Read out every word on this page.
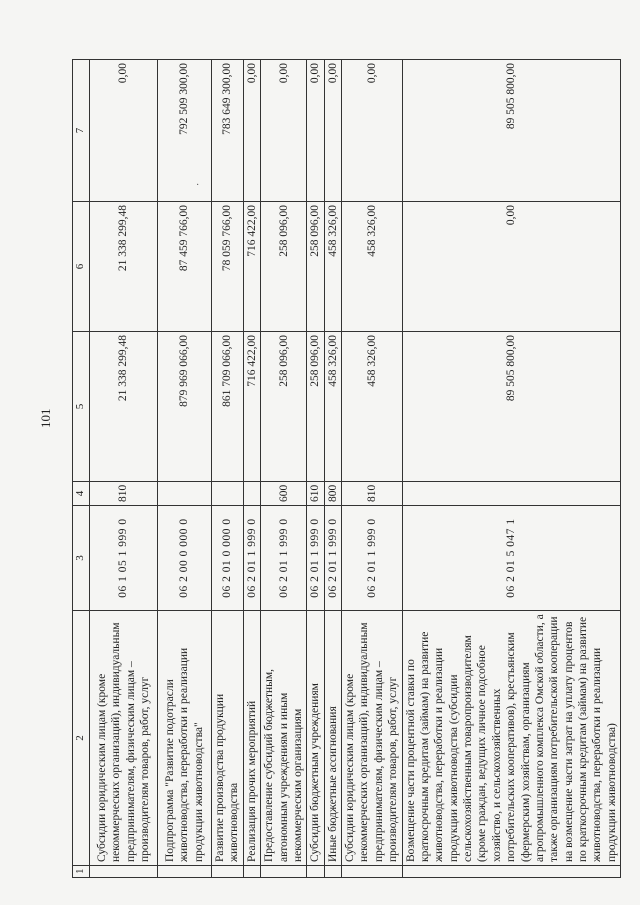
101
·
1	2	3	4	5	6	7
	Субсидии юридическим лицам (кроме некоммерческих организаций), индивидуальным предпринимателям, физическим лицам – производителям товаров, работ, услуг	06 1 05 1 999 0	810	21 338 299,48	21 338 299,48	0,00
	Подпрограмма "Развитие подотрасли животноводства, переработки и реализации продукции животноводства"	06 2 00 0 000 0		879 969 066,00	87 459 766,00	792 509 300,00
	Развитие производства продукции животноводства	06 2 01 0 000 0		861 709 066,00	78 059 766,00	783 649 300,00
	Реализация прочих мероприятий	06 2 01 1 999 0		716 422,00	716 422,00	0,00
	Предоставление субсидий бюджетным, автономным учреждениям и иным некоммерческим организациям	06 2 01 1 999 0	600	258 096,00	258 096,00	0,00
	Субсидии бюджетным учреждениям	06 2 01 1 999 0	610	258 096,00	258 096,00	0,00
	Иные бюджетные ассигнования	06 2 01 1 999 0	800	458 326,00	458 326,00	0,00
	Субсидии юридическим лицам (кроме некоммерческих организаций), индивидуальным предпринимателям, физическим лицам – производителям товаров, работ, услуг	06 2 01 1 999 0	810	458 326,00	458 326,00	0,00
	Возмещение части процентной ставки по краткосрочным кредитам (займам) на развитие животноводства, переработки и реализации продукции животноводства (субсидии сельскохозяйственным товаропроизводителям (кроме граждан, ведущих личное подсобное хозяйство, и сельскохозяйственных потребительских кооперативов), крестьянским (фермерским) хозяйствам, организациям агропромышленного комплекса Омской области, а также организациям потребительской кооперации на возмещение части затрат на уплату процентов по краткосрочным кредитам (займам) на развитие животноводства, переработки и реализации продукции животноводства)	06 2 01 5 047 1		89 505 800,00	0,00	89 505 800,00
